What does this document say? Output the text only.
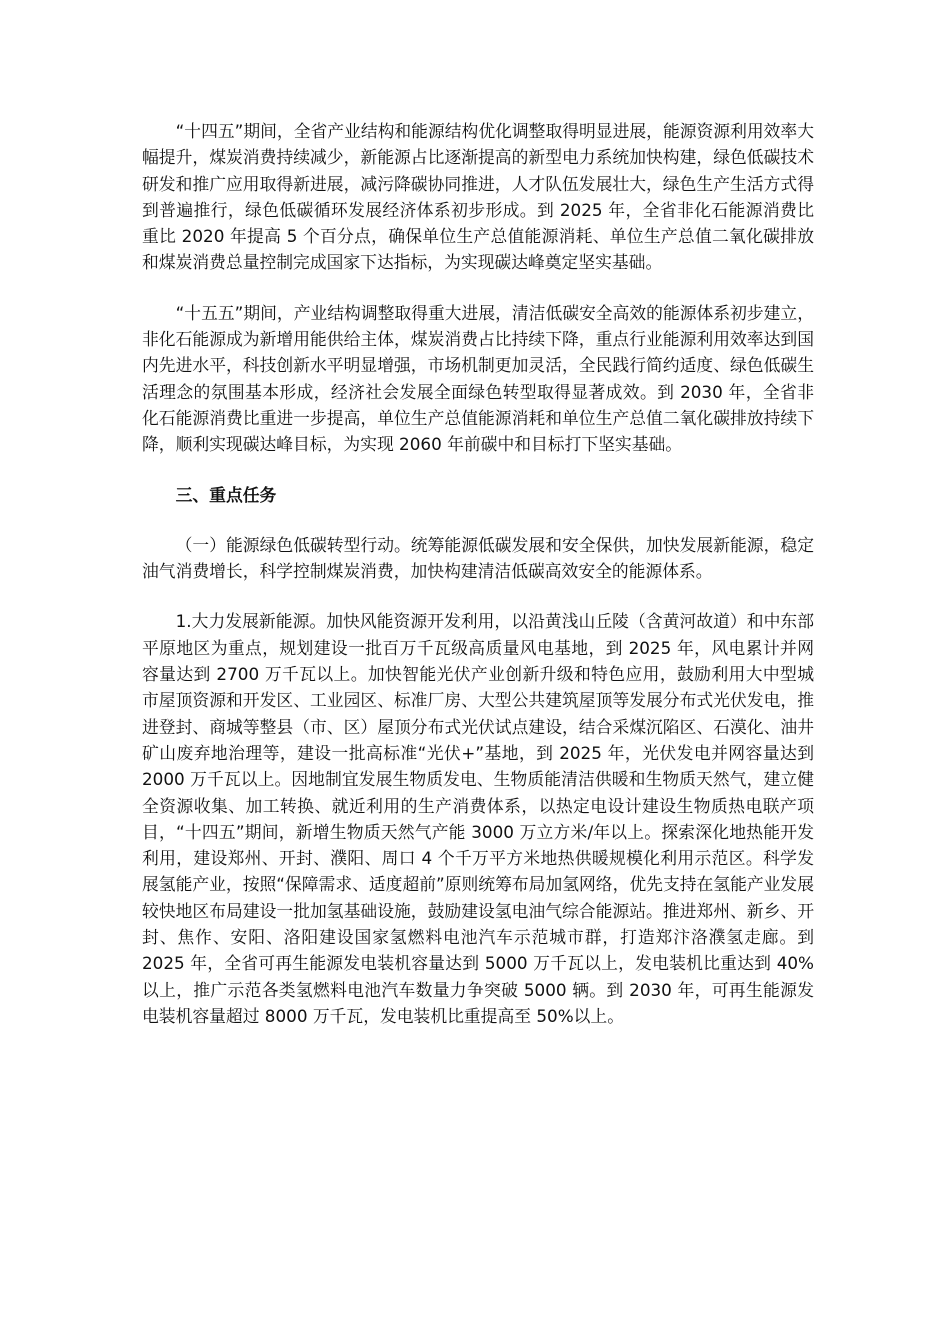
“十四五”期间，全省产业结构和能源结构优化调整取得明显进展，能源资源利用效率大幅提升，煤炭消费持续减少，新能源占比逐渐提高的新型电力系统加快构建，绿色低碳技术研发和推广应用取得新进展，减污降碳协同推进，人才队伍发展壮大，绿色生产生活方式得到普遍推行，绿色低碳循环发展经济体系初步形成。到 2025 年，全省非化石能源消费比重比 2020 年提高 5 个百分点，确保单位生产总值能源消耗、单位生产总值二氧化碳排放和煤炭消费总量控制完成国家下达指标，为实现碳达峰奠定坚实基础。

“十五五”期间，产业结构调整取得重大进展，清洁低碳安全高效的能源体系初步建立，非化石能源成为新增用能供给主体，煤炭消费占比持续下降，重点行业能源利用效率达到国内先进水平，科技创新水平明显增强，市场机制更加灵活，全民践行简约适度、绿色低碳生活理念的氛围基本形成，经济社会发展全面绿色转型取得显著成效。到 2030 年，全省非化石能源消费比重进一步提高，单位生产总值能源消耗和单位生产总值二氧化碳排放持续下降，顺利实现碳达峰目标，为实现 2060 年前碳中和目标打下坚实基础。

三、重点任务

（一）能源绿色低碳转型行动。统筹能源低碳发展和安全保供，加快发展新能源，稳定油气消费增长，科学控制煤炭消费，加快构建清洁低碳高效安全的能源体系。

1.大力发展新能源。加快风能资源开发利用，以沿黄浅山丘陵（含黄河故道）和中东部平原地区为重点，规划建设一批百万千瓦级高质量风电基地，到 2025 年，风电累计并网容量达到 2700 万千瓦以上。加快智能光伏产业创新升级和特色应用，鼓励利用大中型城市屋顶资源和开发区、工业园区、标准厂房、大型公共建筑屋顶等发展分布式光伏发电，推进登封、商城等整县（市、区）屋顶分布式光伏试点建设，结合采煤沉陷区、石漠化、油井矿山废弃地治理等，建设一批高标准“光伏+”基地，到 2025 年，光伏发电并网容量达到 2000 万千瓦以上。因地制宜发展生物质发电、生物质能清洁供暖和生物质天然气，建立健全资源收集、加工转换、就近利用的生产消费体系，以热定电设计建设生物质热电联产项目，“十四五”期间，新增生物质天然气产能 3000 万立方米/年以上。探索深化地热能开发利用，建设郑州、开封、濮阳、周口 4 个千万平方米地热供暖规模化利用示范区。科学发展氢能产业，按照“保障需求、适度超前”原则统筹布局加氢网络，优先支持在氢能产业发展较快地区布局建设一批加氢基础设施，鼓励建设氢电油气综合能源站。推进郑州、新乡、开封、焦作、安阳、洛阳建设国家氢燃料电池汽车示范城市群，打造郑汴洛濮氢走廊。到 2025 年，全省可再生能源发电装机容量达到 5000 万千瓦以上，发电装机比重达到 40%以上，推广示范各类氢燃料电池汽车数量力争突破 5000 辆。到 2030 年，可再生能源发电装机容量超过 8000 万千瓦，发电装机比重提高至 50%以上。
